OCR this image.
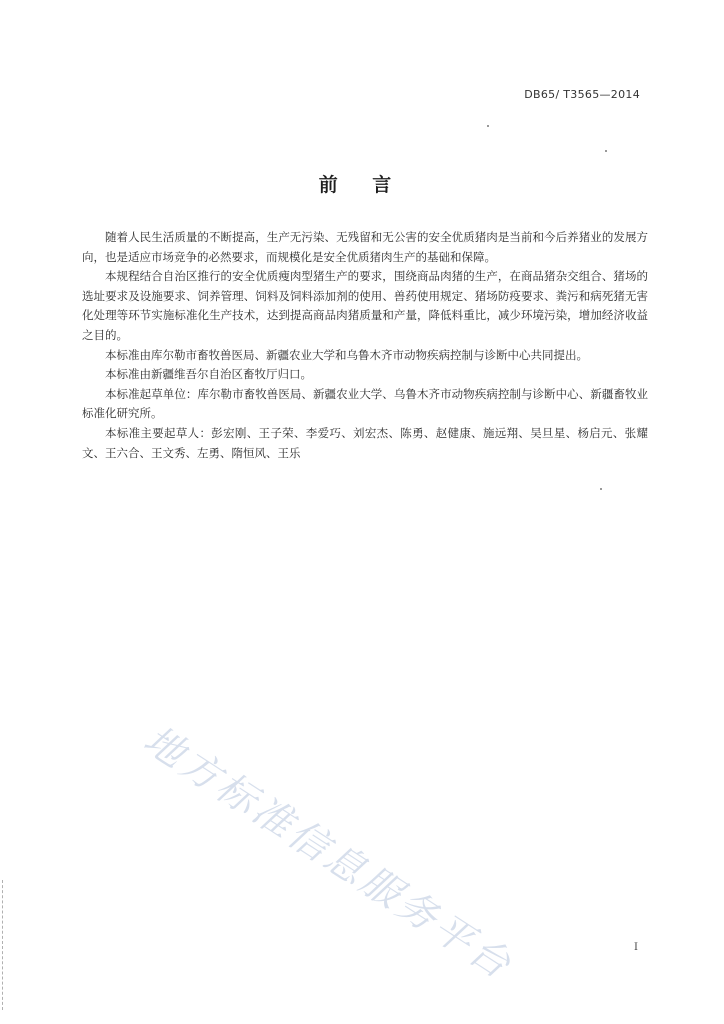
DB65/ T3565—2014
前 言

随着人民生活质量的不断提高，生产无污染、无残留和无公害的安全优质猪肉是当前和今后养猪业的发展方向，也是适应市场竞争的必然要求，而规模化是安全优质猪肉生产的基础和保障。

本规程结合自治区推行的安全优质瘦肉型猪生产的要求，围绕商品肉猪的生产，在商品猪杂交组合、猪场的选址要求及设施要求、饲养管理、饲料及饲料添加剂的使用、兽药使用规定、猪场防疫要求、粪污和病死猪无害化处理等环节实施标准化生产技术，达到提高商品肉猪质量和产量，降低料重比，减少环境污染，增加经济收益之目的。

本标准由库尔勒市畜牧兽医局、新疆农业大学和乌鲁木齐市动物疾病控制与诊断中心共同提出。

本标准由新疆维吾尔自治区畜牧厅归口。

本标准起草单位：库尔勒市畜牧兽医局、新疆农业大学、乌鲁木齐市动物疾病控制与诊断中心、新疆畜牧业标准化研究所。

本标准主要起草人：彭宏刚、王子荣、李爱巧、刘宏杰、陈勇、赵健康、施远翔、吴旦星、杨启元、张耀文、王六合、王文秀、左勇、隋恒风、王乐

地方标准信息服务平台	I
